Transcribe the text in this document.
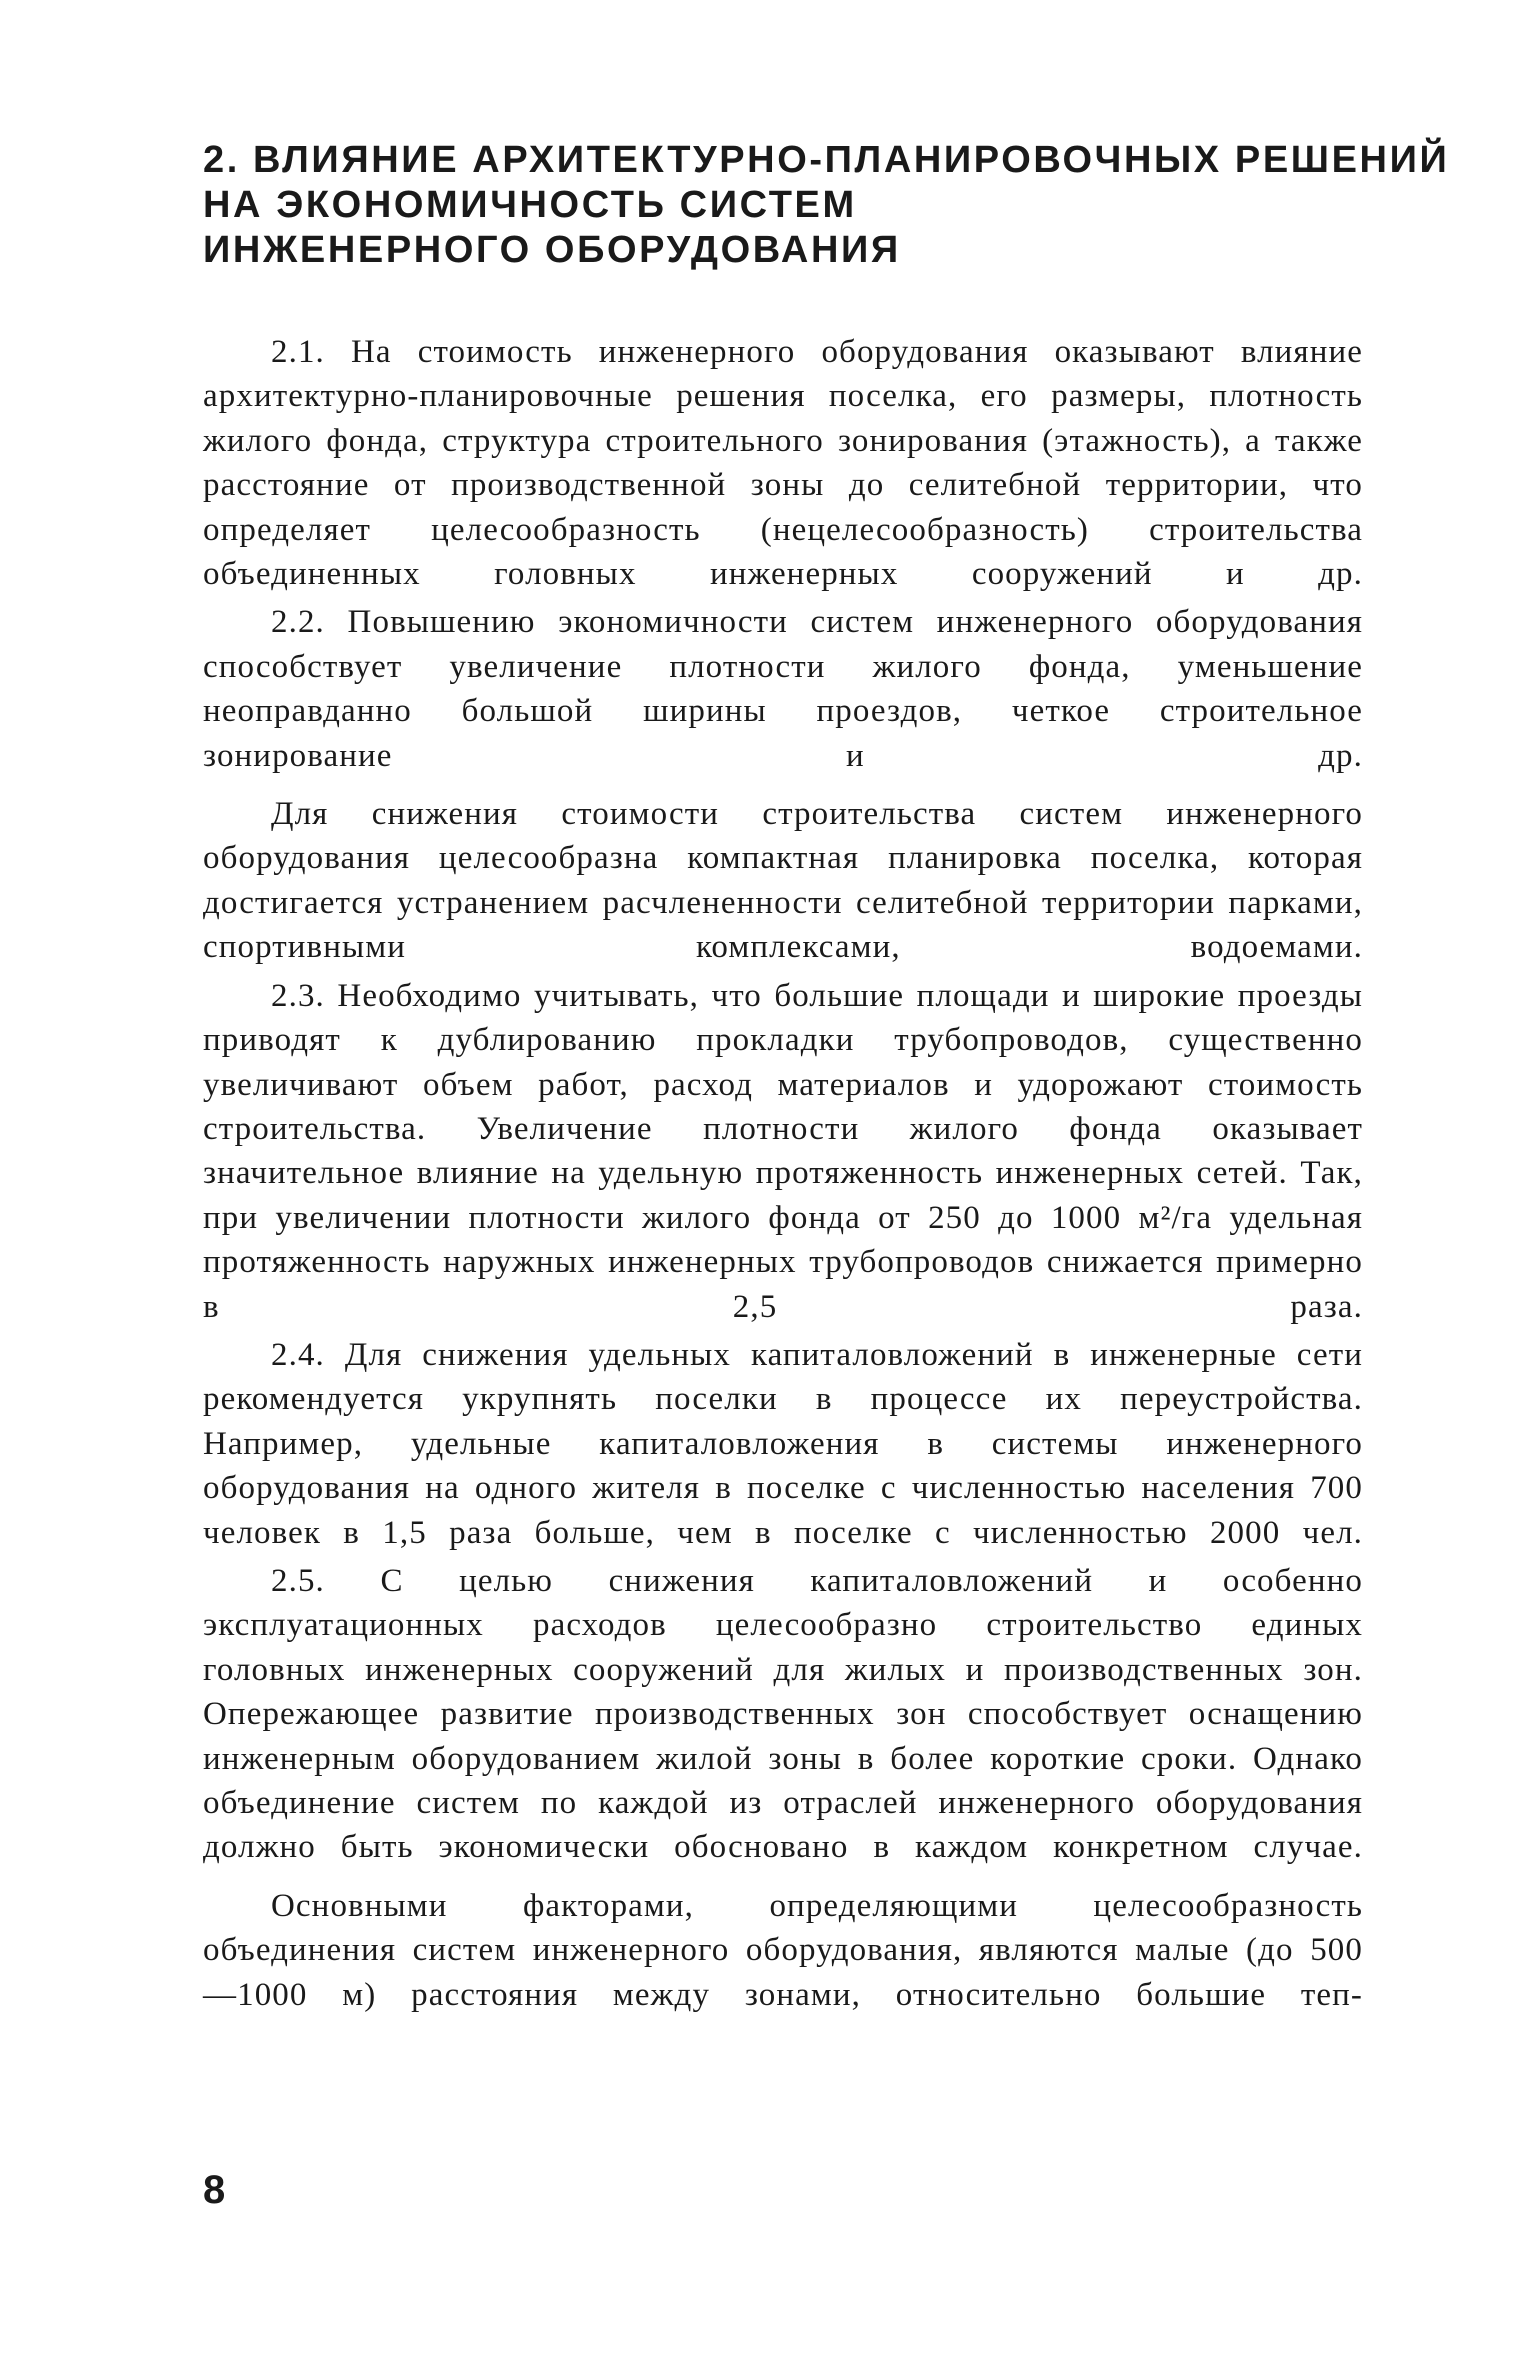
2. ВЛИЯНИЕ АРХИТЕКТУРНО-ПЛАНИРОВОЧНЫХ РЕШЕНИЙ
НА ЭКОНОМИЧНОСТЬ СИСТЕМ
ИНЖЕНЕРНОГО ОБОРУДОВАНИЯ

2.1. На стоимость инженерного оборудования оказывают влияние архитектурно-планировочные решения поселка, его размеры, плотность жилого фонда, структура строительного зонирования (этажность), а также расстояние от производственной зоны до селитебной территории, что определяет целесообразность (нецелесообразность) строительства объединенных головных инженерных сооружений и др.

2.2. Повышению экономичности систем инженерного оборудования способствует увеличение плотности жилого фонда, уменьшение неоправданно большой ширины проездов, четкое строительное зонирование и др.

Для снижения стоимости строительства систем инженерного оборудования целесообразна компактная планировка поселка, которая достигается устранением расчлененности селитебной территории парками, спортивными комплексами, водоемами.

2.3. Необходимо учитывать, что большие площади и широкие проезды приводят к дублированию прокладки трубопроводов, существенно увеличивают объем работ, расход материалов и удорожают стоимость строительства. Увеличение плотности жилого фонда оказывает значительное влияние на удельную протяженность инженерных сетей. Так, при увеличении плотности жилого фонда от 250 до 1000 м²/га удельная протяженность наружных инженерных трубопроводов снижается примерно в 2,5 раза.

2.4. Для снижения удельных капиталовложений в инженерные сети рекомендуется укрупнять поселки в процессе их переустройства. Например, удельные капиталовложения в системы инженерного оборудования на одного жителя в поселке с численностью населения 700 человек в 1,5 раза больше, чем в поселке с численностью 2000 чел.

2.5. С целью снижения капиталовложений и особенно эксплуатационных расходов целесообразно строительство единых головных инженерных сооружений для жилых и производственных зон. Опережающее развитие производственных зон способствует оснащению инженерным оборудованием жилой зоны в более короткие сроки. Однако объединение систем по каждой из отраслей инженерного оборудования должно быть экономически обосновано в каждом конкретном случае.

Основными факторами, определяющими целесообразность объединения систем инженерного оборудования, являются малые (до 500—1000 м) расстояния между зонами, относительно большие теп-

8
